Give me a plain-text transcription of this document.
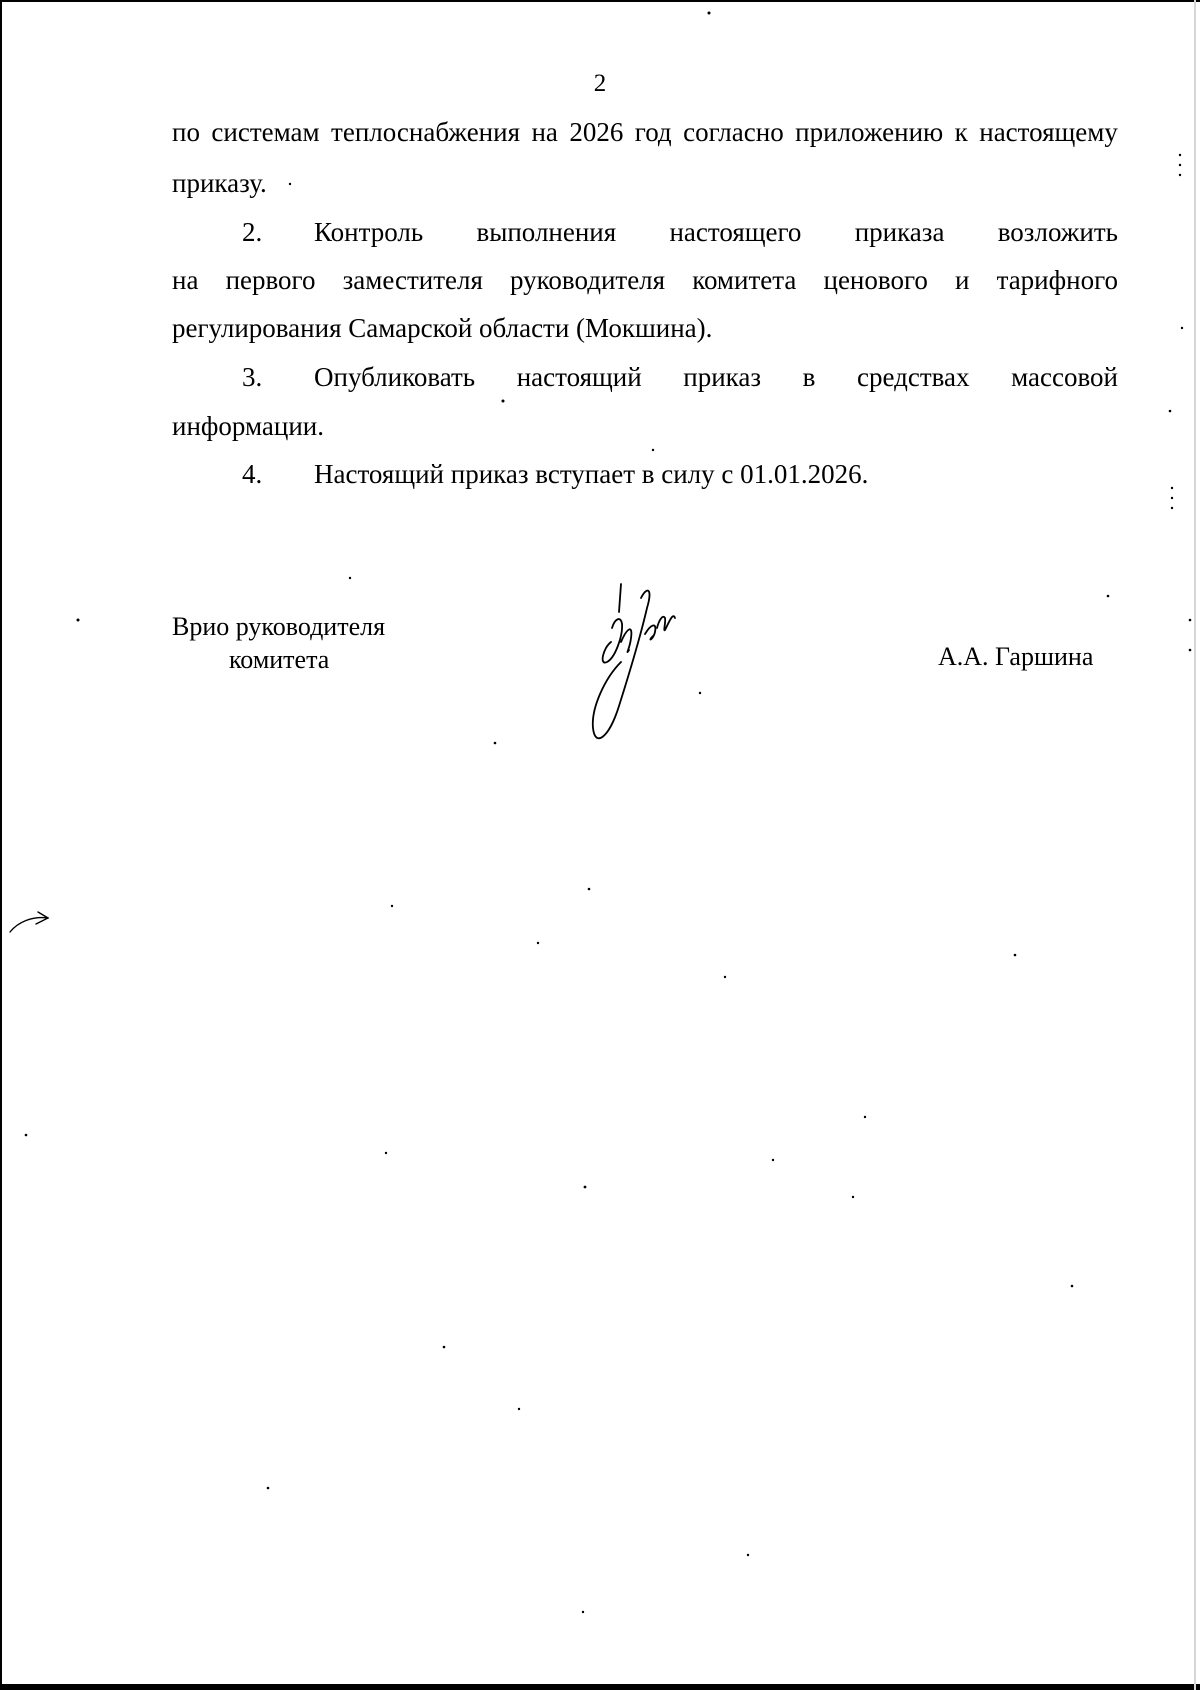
2
по системам теплоснабжения на 2026 год согласно приложению к настоящему
приказу.
2.	Контроль выполнения настоящего приказа возложить
на первого заместителя руководителя комитета ценового и тарифного
регулирования Самарской области (Мокшина).
3.	Опубликовать настоящий приказ в средствах массовой
информации.
4.	Настоящий приказ вступает в силу с 01.01.2026.
Врио руководителя
комитета	А.А. Гаршина
